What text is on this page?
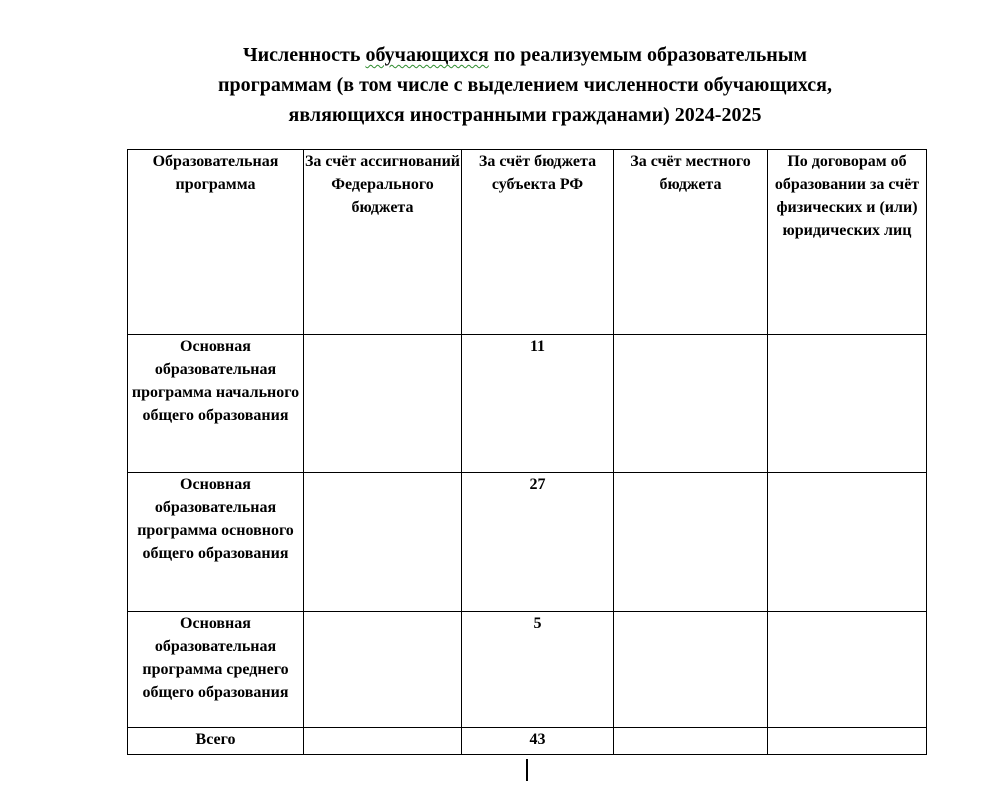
Численность обучающихся по реализуемым образовательным
программам (в том числе с выделением численности обучающихся,
являющихся иностранными гражданами) 2024-2025
Образовательная программа	За счёт ассигнований Федерального бюджета	За счёт бюджета субъекта РФ	За счёт местного бюджета	По договорам об образовании за счёт физических и (или) юридических лиц
Основная образовательная программа начального общего образования		11		
Основная образовательная программа основного общего образования		27		
Основная образовательная программа среднего общего образования		5		
Всего		43		
